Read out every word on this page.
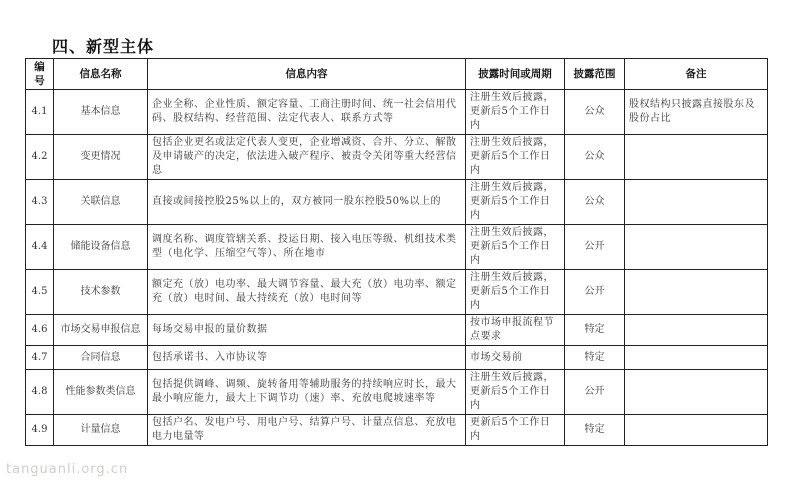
四、新型主体
编号	信息名称	信息内容	披露时间或周期	披露范围	备注
4.1	基本信息	企业全称、企业性质、额定容量、工商注册时间、统一社会信用代码、股权结构、经营范围、法定代表人、联系方式等	注册生效后披露，更新后5个工作日内	公众	股权结构只披露直接股东及股份占比
4.2	变更情况	包括企业更名或法定代表人变更，企业增减资、合并、分立、解散及申请破产的决定，依法进入破产程序、被责令关闭等重大经营信息	注册生效后披露，更新后5个工作日内	公众	
4.3	关联信息	直接或间接控股25%以上的，双方被同一股东控股50%以上的	注册生效后披露，更新后5个工作日内	公众	
4.4	储能设备信息	调度名称、调度管辖关系、投运日期、接入电压等级、机组技术类型（电化学、压缩空气等）、所在地市	注册生效后披露，更新后5个工作日内	公开	
4.5	技术参数	额定充（放）电功率、最大调节容量、最大充（放）电功率、额定充（放）电时间、最大持续充（放）电时间等	注册生效后披露，更新后5个工作日内	公开	
4.6	市场交易申报信息	每场交易申报的量价数据	按市场申报流程节点要求	特定	
4.7	合同信息	包括承诺书、入市协议等	市场交易前	特定	
4.8	性能参数类信息	包括提供调峰、调频、旋转备用等辅助服务的持续响应时长，最大最小响应能力，最大上下调节功（速）率、充放电爬坡速率等	注册生效后披露，更新后5个工作日内	公开	
4.9	计量信息	包括户名、发电户号、用电户号、结算户号、计量点信息、充放电电力电量等	更新后5个工作日内	特定	
tanguanli.org.cn
